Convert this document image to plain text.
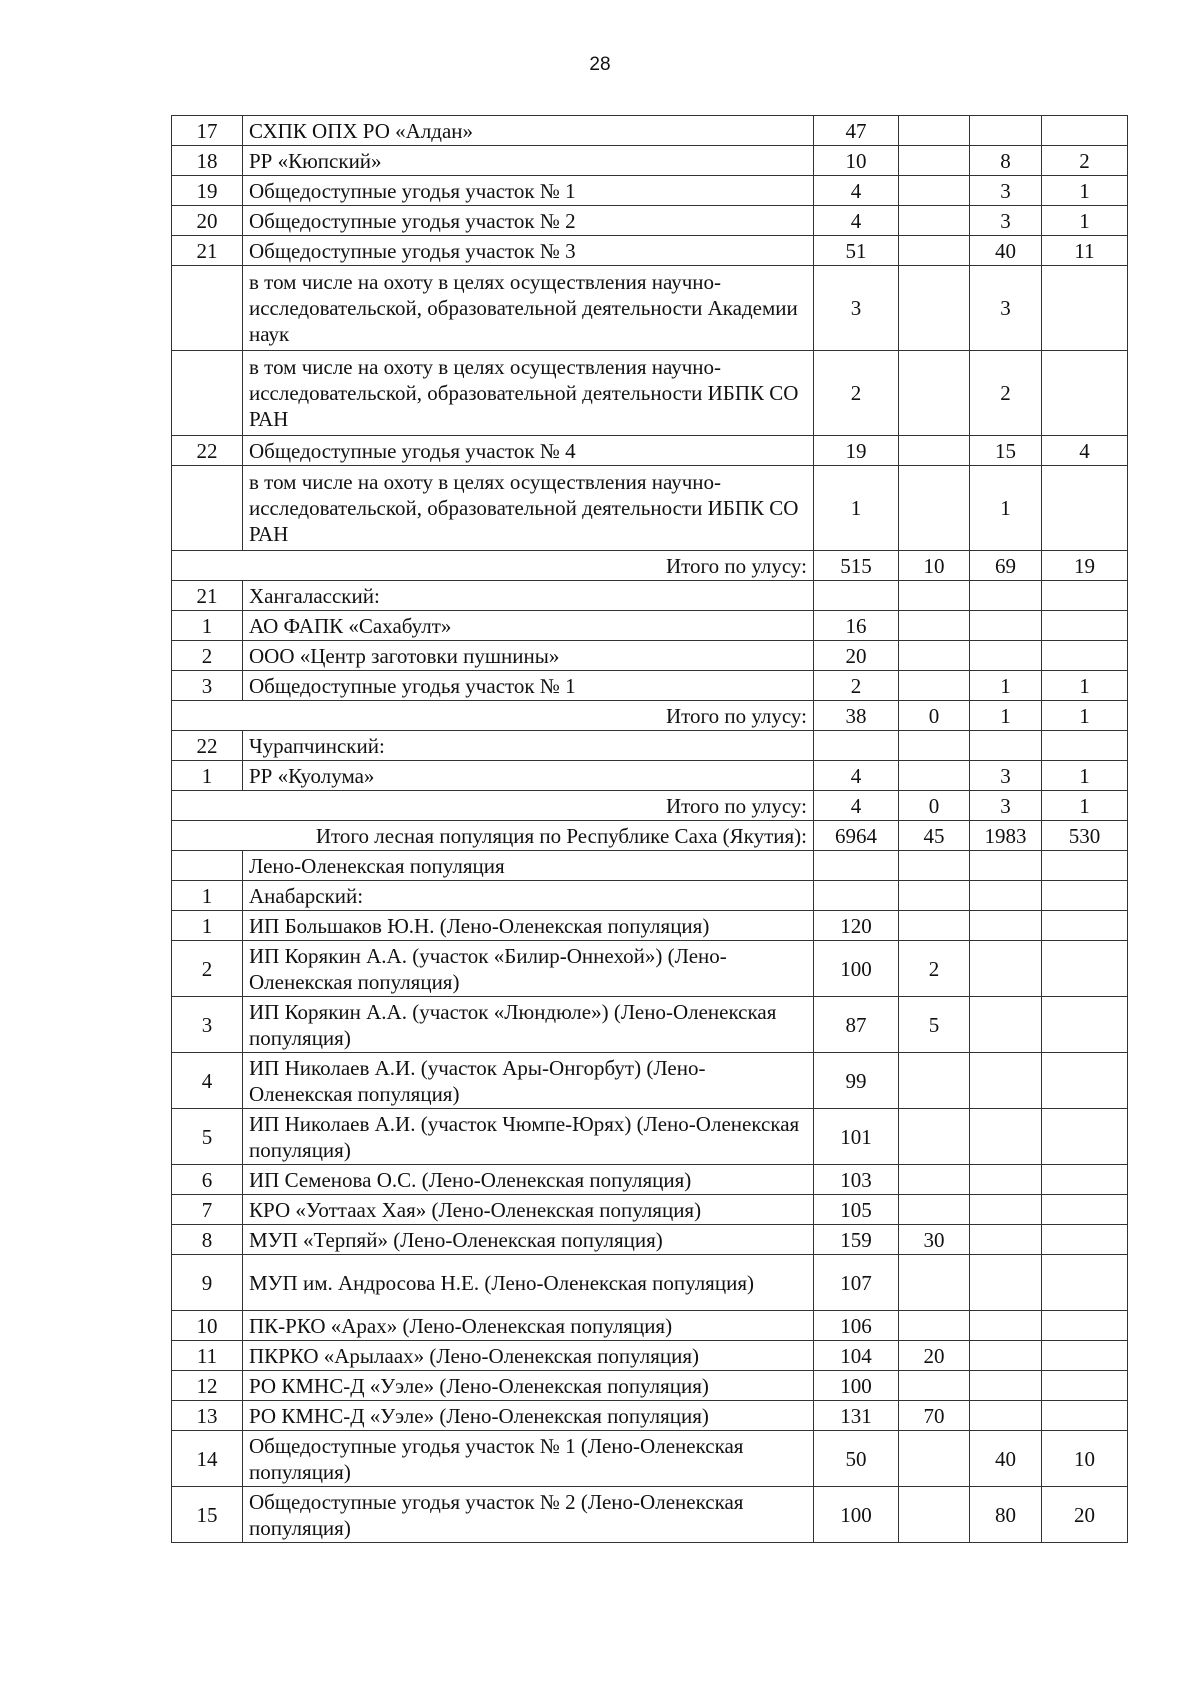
28
17	СХПК ОПХ РО «Алдан»	47			
18	РР «Кюпский»	10		8	2
19	Общедоступные угодья участок № 1	4		3	1
20	Общедоступные угодья участок № 2	4		3	1
21	Общедоступные угодья участок № 3	51		40	11
	в том числе на охоту в целях осуществления научно-исследовательской, образовательной деятельности Академии наук	3		3	
	в том числе на охоту в целях осуществления научно-исследовательской, образовательной деятельности ИБПК СО РАН	2		2	
22	Общедоступные угодья участок № 4	19		15	4
	в том числе на охоту в целях осуществления научно-исследовательской, образовательной деятельности ИБПК СО РАН	1		1	
Итого по улусу:		515	10	69	19
21	Хангаласский:				
1	АО ФАПК «Сахабулт»	16			
2	ООО «Центр заготовки пушнины»	20			
3	Общедоступные угодья участок № 1	2		1	1
Итого по улусу:		38	0	1	1
22	Чурапчинский:				
1	РР «Куолума»	4		3	1
Итого по улусу:		4	0	3	1
Итого лесная популяция по Республике Саха (Якутия):		6964	45	1983	530
	Лено-Оленекская популяция				
1	Анабарский:				
1	ИП Большаков Ю.Н. (Лено-Оленекская популяция)	120			
2	ИП Корякин А.А. (участок «Билир-Оннехой») (Лено-Оленекская популяция)	100	2		
3	ИП Корякин А.А. (участок «Люндюле») (Лено-Оленекская популяция)	87	5		
4	ИП Николаев А.И. (участок Ары-Онгорбут) (Лено-Оленекская популяция)	99			
5	ИП Николаев А.И. (участок Чюмпе-Юрях) (Лено-Оленекская популяция)	101			
6	ИП Семенова О.С. (Лено-Оленекская популяция)	103			
7	КРО «Уоттаах Хая» (Лено-Оленекская популяция)	105			
8	МУП «Терпяй» (Лено-Оленекская популяция)	159	30		
9	МУП им. Андросова Н.Е. (Лено-Оленекская популяция)	107			
10	ПК-РКО «Арах» (Лено-Оленекская популяция)	106			
11	ПКРКО «Арылаах» (Лено-Оленекская популяция)	104	20		
12	РО КМНС-Д «Уэле» (Лено-Оленекская популяция)	100			
13	РО КМНС-Д «Уэле» (Лено-Оленекская популяция)	131	70		
14	Общедоступные угодья участок № 1 (Лено-Оленекская популяция)	50		40	10
15	Общедоступные угодья участок № 2 (Лено-Оленекская популяция)	100		80	20
